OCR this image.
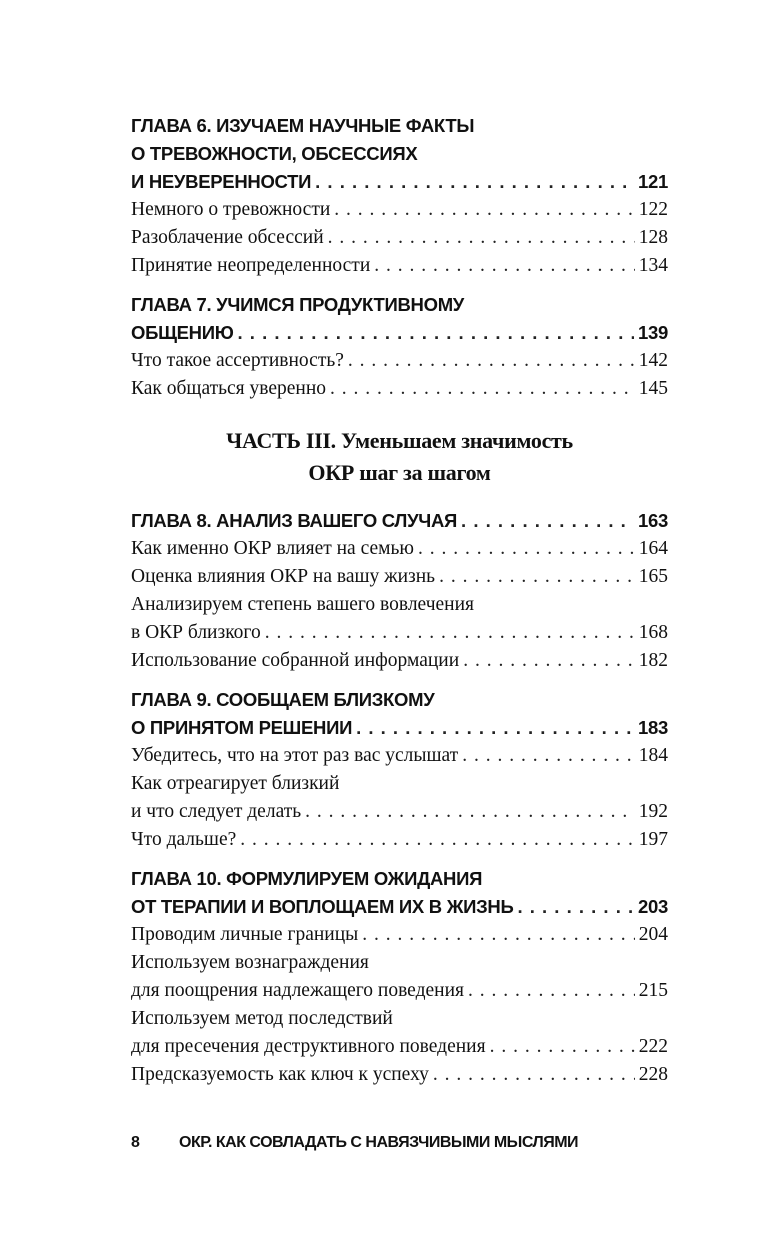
ГЛАВА 6. ИЗУЧАЕМ НАУЧНЫЕ ФАКТЫ
О ТРЕВОЖНОСТИ, ОБСЕССИЯХ
И НЕУВЕРЕННОСТИ . . .	121
Немного о тревожности . . .	122
Разоблачение обсессий . . .	128
Принятие неопределенности . . .	134
ГЛАВА 7. УЧИМСЯ ПРОДУКТИВНОМУ
ОБЩЕНИЮ . . .	139
Что такое ассертивность? . . .	142
Как общаться уверенно . . .	145
ЧАСТЬ III. Уменьшаем значимость
ОКР шаг за шагом
ГЛАВА 8. АНАЛИЗ ВАШЕГО СЛУЧАЯ . . .	163
Как именно ОКР влияет на семью . . .	164
Оценка влияния ОКР на вашу жизнь . . .	165
Анализируем степень вашего вовлечения
в ОКР близкого . . .	168
Использование собранной информации . . .	182
ГЛАВА 9. СООБЩАЕМ БЛИЗКОМУ
О ПРИНЯТОМ РЕШЕНИИ . . .	183
Убедитесь, что на этот раз вас услышат . . .	184
Как отреагирует близкий
и что следует делать . . .	192
Что дальше? . . .	197
ГЛАВА 10. ФОРМУЛИРУЕМ ОЖИДАНИЯ
ОТ ТЕРАПИИ И ВОПЛОЩАЕМ ИХ В ЖИЗНЬ . . .	203
Проводим личные границы . . .	204
Используем вознаграждения
для поощрения надлежащего поведения . . .	215
Используем метод последствий
для пресечения деструктивного поведения . . .	222
Предсказуемость как ключ к успеху . . .	228
8	ОКР. КАК СОВЛАДАТЬ С НАВЯЗЧИВЫМИ МЫСЛЯМИ
